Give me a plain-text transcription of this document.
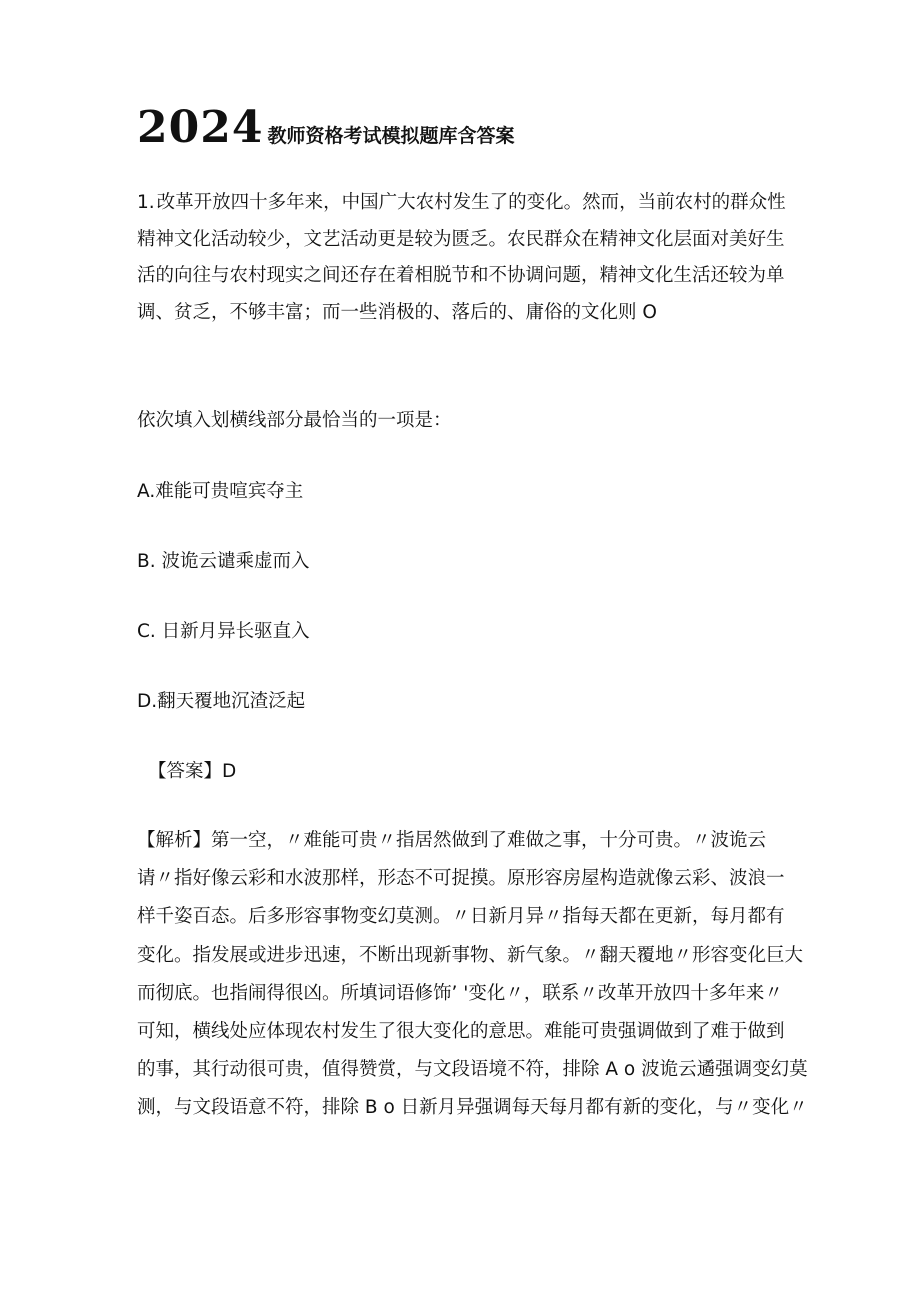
2024 教师资格考试模拟题库含答案

1. 改革开放四十多年来，中国广大农村发生了的变化。然而，当前农村的群众性
精神文化活动较少，文艺活动更是较为匮乏。农民群众在精神文化层面对美好生
活的向往与农村现实之间还存在着相脱节和不协调问题，精神文化生活还较为单
调、贫乏，不够丰富；而一些消极的、落后的、庸俗的文化则 O

依次填入划横线部分最恰当的一项是：

A.难能可贵喧宾夺主

B. 波诡云谴乘虚而入

C. 日新月异长驱直入

D.翻天覆地沉渣泛起

【答案】D

【解析】第一空，〃难能可贵〃指居然做到了难做之事，十分可贵。〃波诡云
请〃指好像云彩和水波那样，形态不可捉摸。原形容房屋构造就像云彩、波浪一
样千姿百态。后多形容事物变幻莫测。〃日新月异〃指每天都在更新，每月都有
变化。指发展或进步迅速，不断出现新事物、新气象。〃翻天覆地〃形容变化巨大
而彻底。也指闹得很凶。所填词语修饰’ '变化〃，联系〃改革开放四十多年来〃
可知，横线处应体现农村发生了很大变化的意思。难能可贵强调做到了难于做到
的事，其行动很可贵，值得赞赏，与文段语境不符，排除 A o 波诡云遹强调变幻莫
测，与文段语意不符，排除 B o 日新月异强调每天每月都有新的变化，与〃变化〃
